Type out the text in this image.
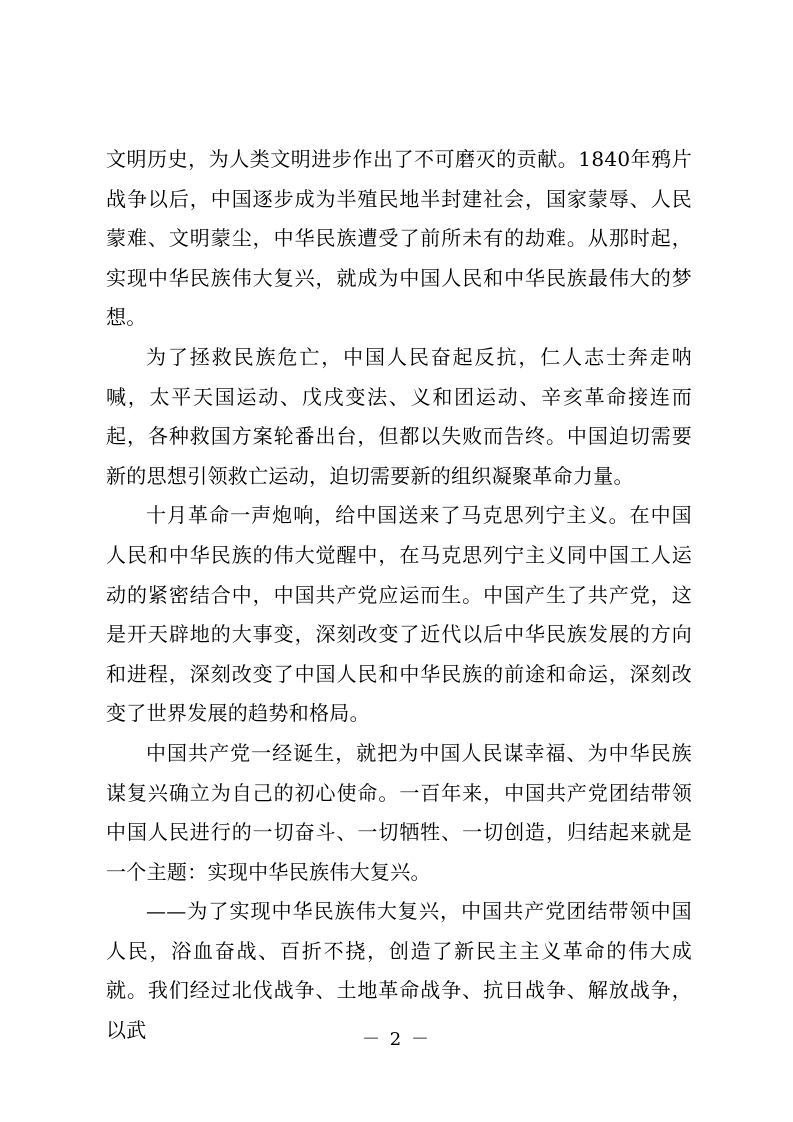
文明历史，为人类文明进步作出了不可磨灭的贡献。1840年鸦片战争以后，中国逐步成为半殖民地半封建社会，国家蒙辱、人民蒙难、文明蒙尘，中华民族遭受了前所未有的劫难。从那时起，实现中华民族伟大复兴，就成为中国人民和中华民族最伟大的梦想。

为了拯救民族危亡，中国人民奋起反抗，仁人志士奔走呐喊，太平天国运动、戊戌变法、义和团运动、辛亥革命接连而起，各种救国方案轮番出台，但都以失败而告终。中国迫切需要新的思想引领救亡运动，迫切需要新的组织凝聚革命力量。

十月革命一声炮响，给中国送来了马克思列宁主义。在中国人民和中华民族的伟大觉醒中，在马克思列宁主义同中国工人运动的紧密结合中，中国共产党应运而生。中国产生了共产党，这是开天辟地的大事变，深刻改变了近代以后中华民族发展的方向和进程，深刻改变了中国人民和中华民族的前途和命运，深刻改变了世界发展的趋势和格局。

中国共产党一经诞生，就把为中国人民谋幸福、为中华民族谋复兴确立为自己的初心使命。一百年来，中国共产党团结带领中国人民进行的一切奋斗、一切牺牲、一切创造，归结起来就是一个主题：实现中华民族伟大复兴。

——为了实现中华民族伟大复兴，中国共产党团结带领中国人民，浴血奋战、百折不挠，创造了新民主主义革命的伟大成就。我们经过北伐战争、土地革命战争、抗日战争、解放战争，以武	－ 2 －
